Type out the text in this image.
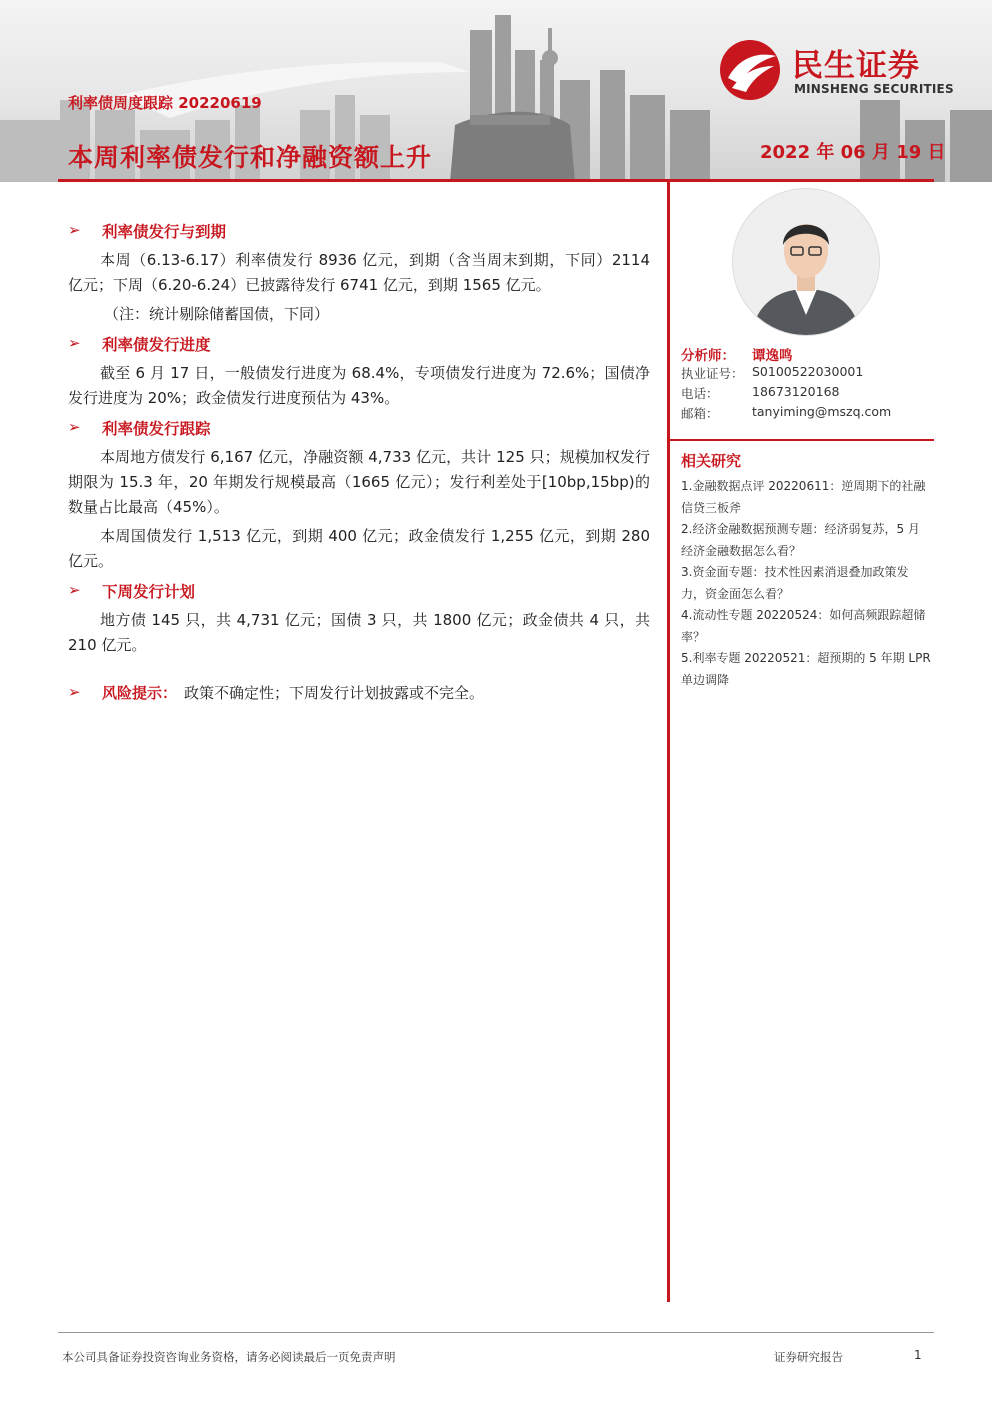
民生证券
MINSHENG SECURITIES
利率债周度跟踪 20220619
本周利率债发行和净融资额上升	2022 年 06 月 19 日
➢ 利率债发行与到期

本周（6.13-6.17）利率债发行 8936 亿元，到期（含当周末到期，下同）2114 亿元；下周（6.20-6.24）已披露待发行 6741 亿元，到期 1565 亿元。

（注：统计剔除储蓄国债，下同）

➢ 利率债发行进度

截至 6 月 17 日，一般债发行进度为 68.4%，专项债发行进度为 72.6%；国债净发行进度为 20%；政金债发行进度预估为 43%。

➢ 利率债发行跟踪

本周地方债发行 6,167 亿元，净融资额 4,733 亿元，共计 125 只；规模加权发行期限为 15.3 年，20 年期发行规模最高（1665 亿元）；发行利差处于[10bp,15bp)的数量占比最高（45%）。

本周国债发行 1,513 亿元，到期 400 亿元；政金债发行 1,255 亿元，到期 280 亿元。

➢ 下周发行计划

地方债 145 只，共 4,731 亿元；国债 3 只，共 1800 亿元；政金债共 4 只，共 210 亿元。

➢ 风险提示： 政策不确定性；下周发行计划披露或不完全。
分析师： 谭逸鸣
执业证号： S0100522030001
电话：	18673120168
邮箱：	tanyiming@mszq.com
相关研究

1.金融数据点评 20220611：逆周期下的社融信贷三板斧

2.经济金融数据预测专题：经济弱复苏，5 月经济金融数据怎么看？

3.资金面专题：技术性因素消退叠加政策发力，资金面怎么看？

4.流动性专题 20220524：如何高频跟踪超储率？

5.利率专题 20220521：超预期的 5 年期 LPR 单边调降

本公司具备证券投资咨询业务资格，请务必阅读最后一页免责声明	证券研究报告	1
